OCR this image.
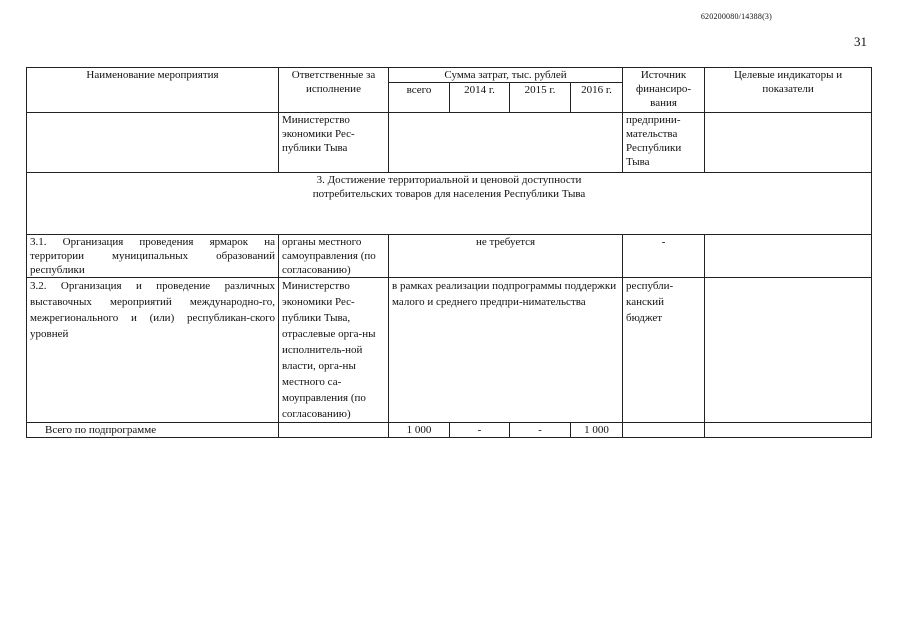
620200080/14388(3)
31
Наименование мероприятия	Ответственные за исполнение	Сумма затрат, тыс. рублей				Источник финансиро-вания	Целевые индикаторы и показатели
		всего	2014 г.	2015 г.	2016 г.		
	Министерство экономики Рес-публики Тыва					предприни-мательства Республики Тыва	

3. Достижение территориальной и ценовой доступности
потребительских товаров для населения Республики Тыва							

3.1. Организация проведения ярмарок на территории муниципальных образований республики	органы местного самоуправления (по согласованию)	не требуется				-	
3.2. Организация и проведение различных выставочных мероприятий международно-го, межрегионального и (или) республикан-ского уровней	Министерство экономики Рес-публики Тыва, отраслевые орга-ны исполнитель-ной власти, орга-ны местного са-моуправления (по согласованию)	в рамках реализации подпрограммы поддержки малого и среднего предпри-нимательства				республи-канский бюджет	
Всего по подпрограмме		1 000	-	-	1 000		
